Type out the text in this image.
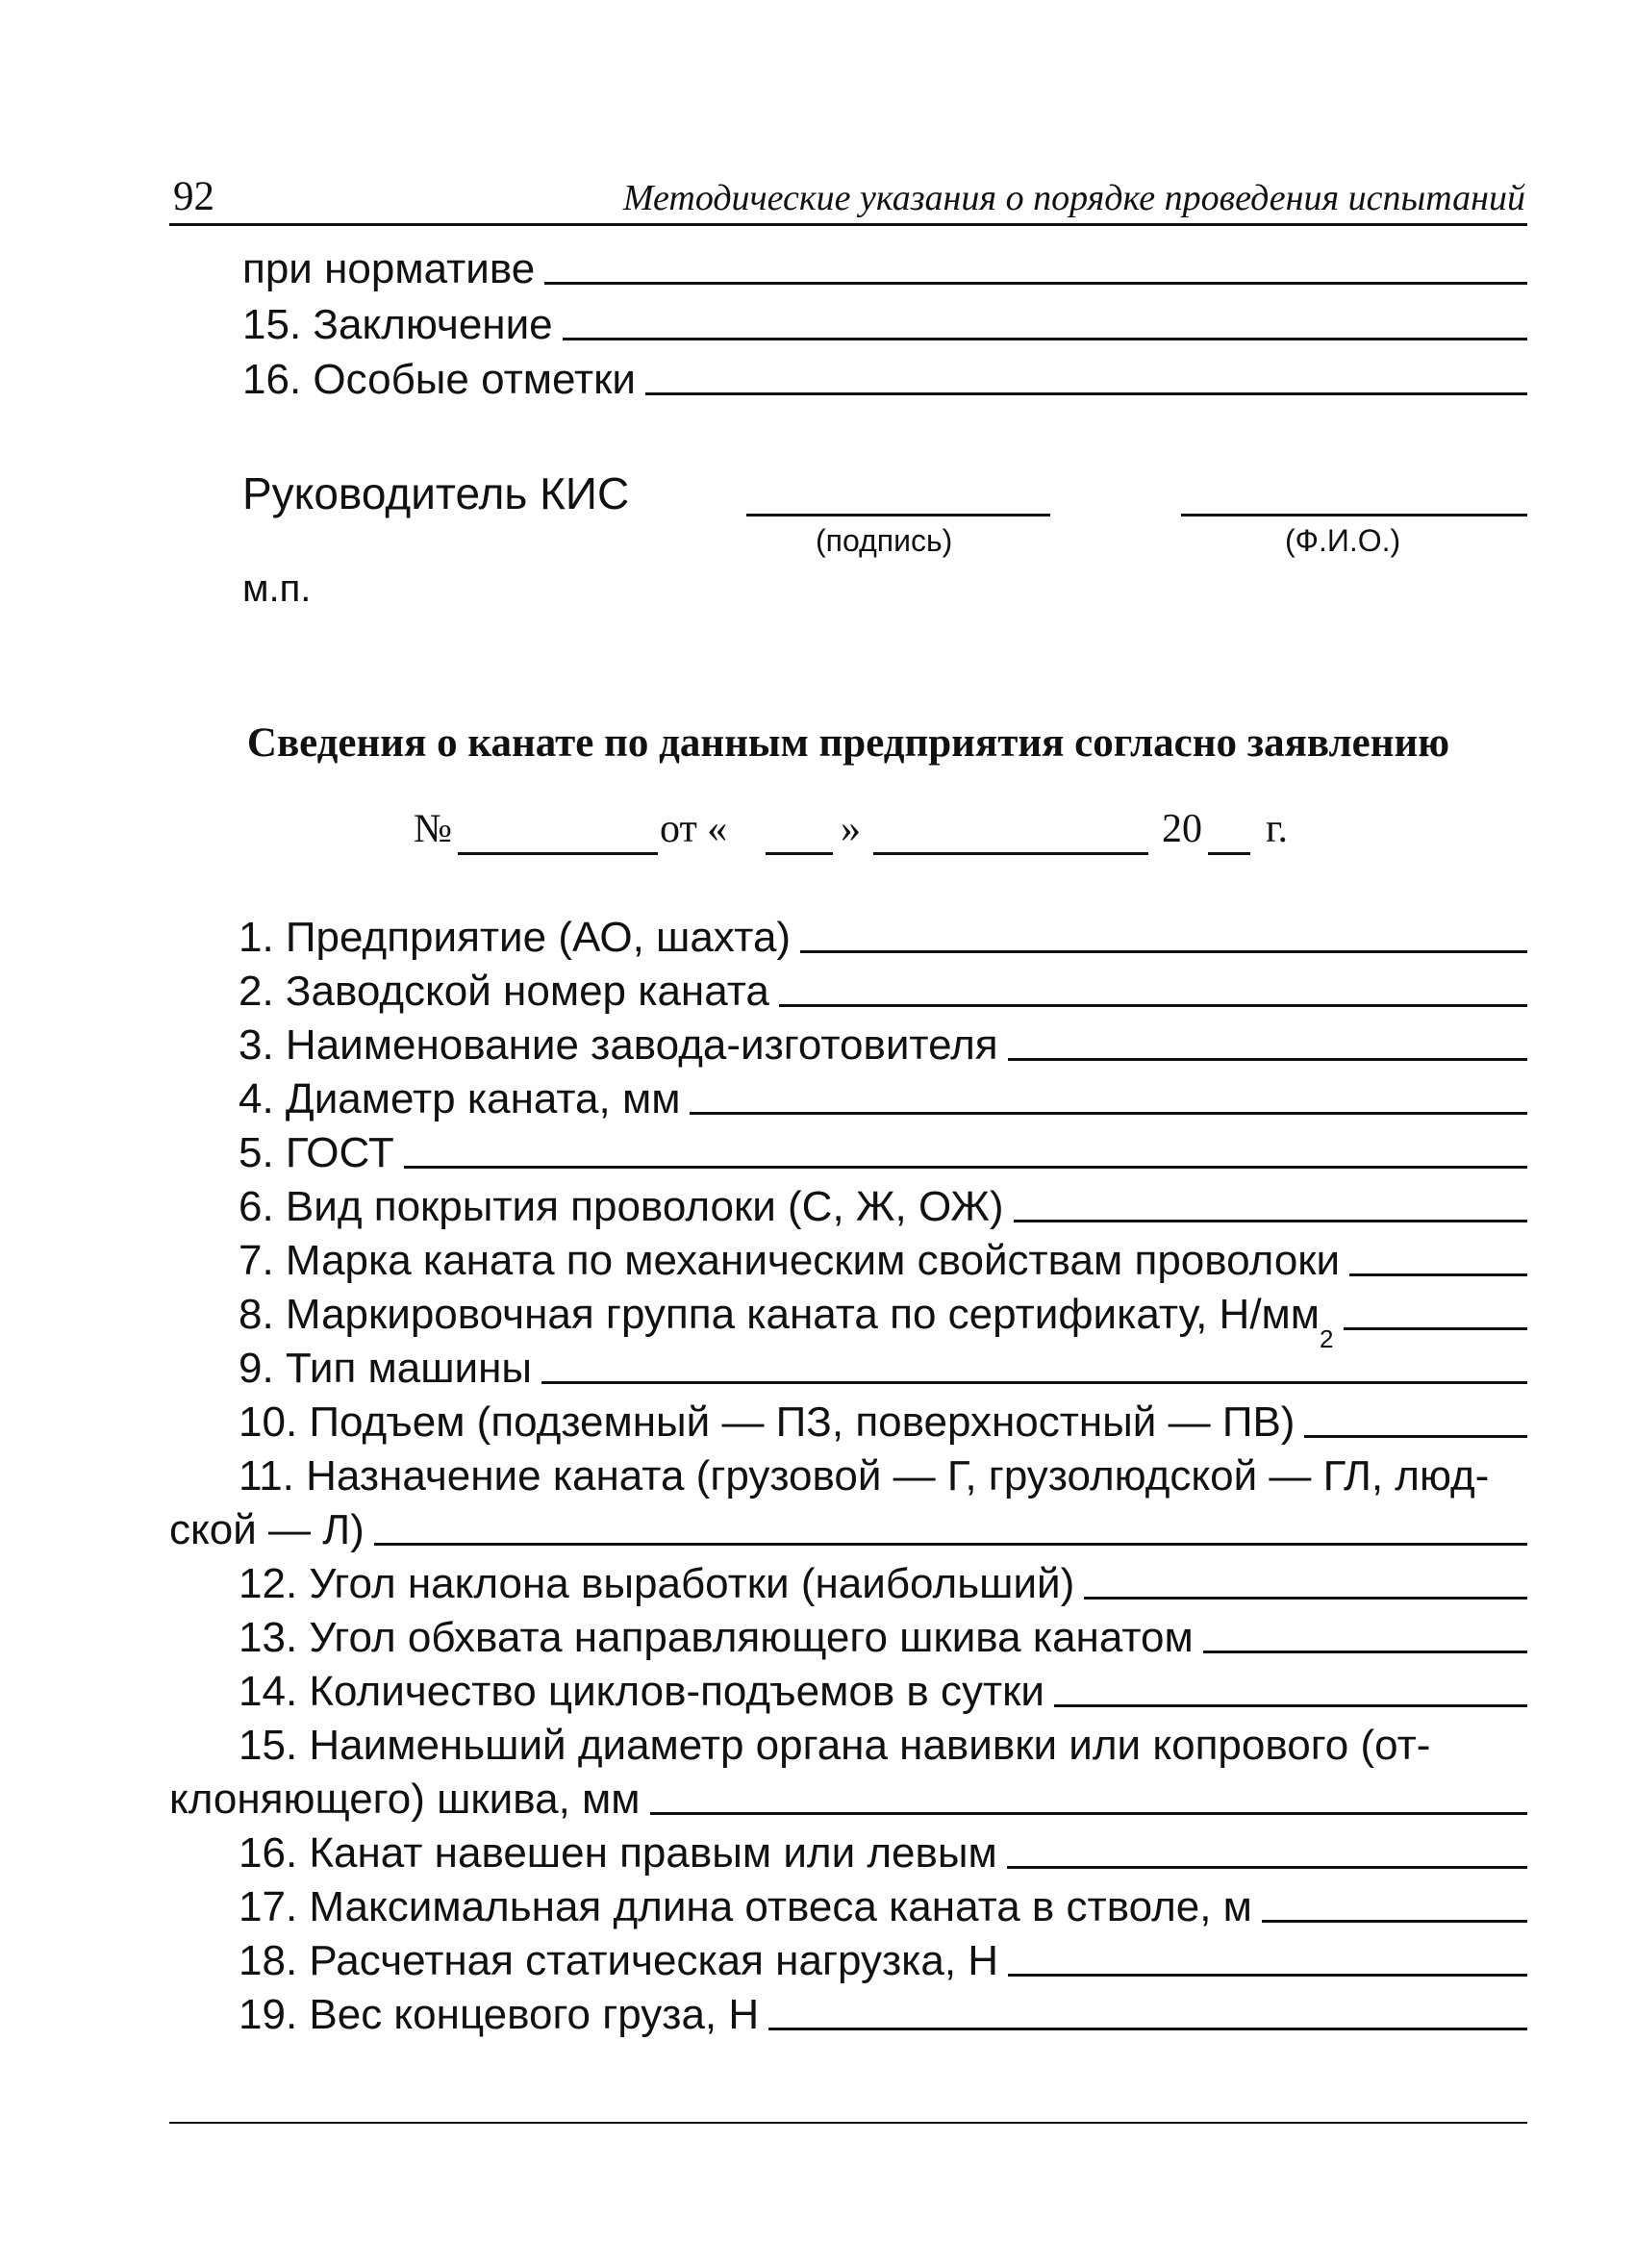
92	Методические указания о порядке проведения испытаний
при нормативе
15. Заключение
16. Особые отметки
Руководитель КИС
(подпись)	(Ф.И.О.)
м.п.
Сведения о канате по данным предприятия согласно заявлению
№	от «	»	20 г.
1. Предприятие (АО, шахта)
2. Заводской номер каната
3. Наименование завода-изготовителя
4. Диаметр каната, мм
5. ГОСТ
6. Вид покрытия проволоки (С, Ж, ОЖ)
7. Марка каната по механическим свойствам проволоки
8. Маркировочная группа каната по сертификату, Н/мм
2
9. Тип машины
10. Подъем (подземный — ПЗ, поверхностный — ПВ)
11. Назначение каната (грузовой — Г, грузолюдской — ГЛ, люд-
ской — Л)
12. Угол наклона выработки (наибольший)
13. Угол обхвата направляющего шкива канатом
14. Количество циклов-подъемов в сутки
15. Наименьший диаметр органа навивки или копрового (от-
клоняющего) шкива, мм
16. Канат навешен правым или левым
17. Максимальная длина отвеса каната в стволе, м
18. Расчетная статическая нагрузка, Н
19. Вес концевого груза, Н
